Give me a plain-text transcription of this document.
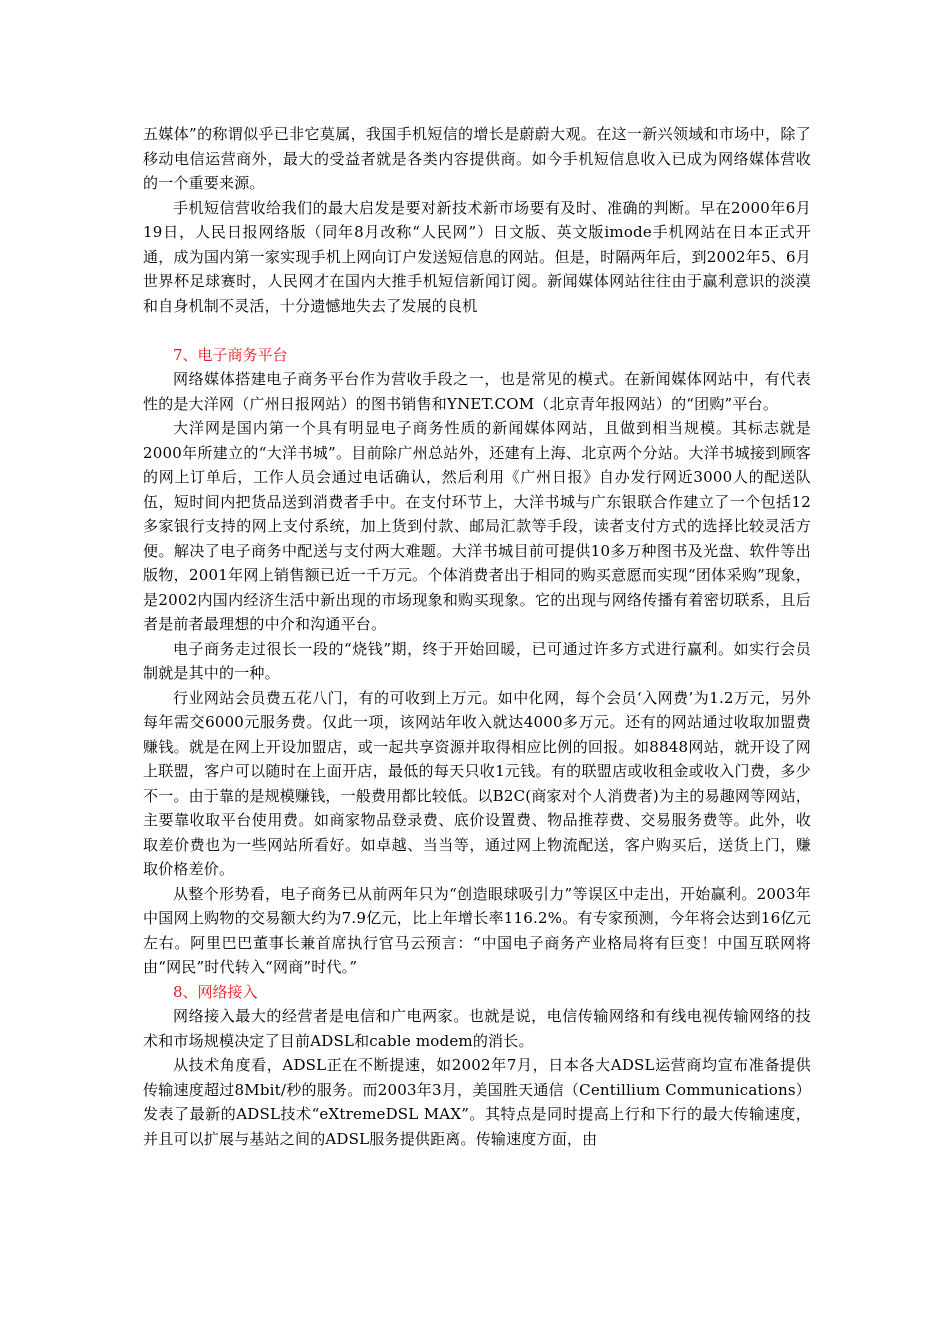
五媒体”的称谓似乎已非它莫属，我国手机短信的增长是蔚蔚大观。在这一新兴领域和市场中，除了移动电信运营商外，最大的受益者就是各类内容提供商。如今手机短信息收入已成为网络媒体营收的一个重要来源。

手机短信营收给我们的最大启发是要对新技术新市场要有及时、准确的判断。早在2000年6月19日，人民日报网络版（同年8月改称“人民网”）日文版、英文版imode手机网站在日本正式开通，成为国内第一家实现手机上网向订户发送短信息的网站。但是，时隔两年后，到2002年5、6月世界杯足球赛时，人民网才在国内大推手机短信新闻订阅。新闻媒体网站往往由于赢利意识的淡漠和自身机制不灵活，十分遗憾地失去了发展的良机

7、电子商务平台

网络媒体搭建电子商务平台作为营收手段之一，也是常见的模式。在新闻媒体网站中，有代表性的是大洋网（广州日报网站）的图书销售和YNET.COM（北京青年报网站）的“团购”平台。

大洋网是国内第一个具有明显电子商务性质的新闻媒体网站，且做到相当规模。其标志就是2000年所建立的“大洋书城”。目前除广州总站外，还建有上海、北京两个分站。大洋书城接到顾客的网上订单后，工作人员会通过电话确认，然后利用《广州日报》自办发行网近3000人的配送队伍，短时间内把货品送到消费者手中。在支付环节上，大洋书城与广东银联合作建立了一个包括12多家银行支持的网上支付系统，加上货到付款、邮局汇款等手段，读者支付方式的选择比较灵活方便。解决了电子商务中配送与支付两大难题。大洋书城目前可提供10多万种图书及光盘、软件等出版物，2001年网上销售额已近一千万元。个体消费者出于相同的购买意愿而实现“团体采购”现象，是2002内国内经济生活中新出现的市场现象和购买现象。它的出现与网络传播有着密切联系，且后者是前者最理想的中介和沟通平台。

电子商务走过很长一段的“烧钱”期，终于开始回暖，已可通过许多方式进行赢利。如实行会员制就是其中的一种。

行业网站会员费五花八门，有的可收到上万元。如中化网，每个会员‘入网费’为1.2万元，另外每年需交6000元服务费。仅此一项，该网站年收入就达4000多万元。还有的网站通过收取加盟费赚钱。就是在网上开设加盟店，或一起共享资源并取得相应比例的回报。如8848网站，就开设了网上联盟，客户可以随时在上面开店，最低的每天只收1元钱。有的联盟店或收租金或收入门费，多少不一。由于靠的是规模赚钱，一般费用都比较低。以B2C(商家对个人消费者)为主的易趣网等网站，主要靠收取平台使用费。如商家物品登录费、底价设置费、物品推荐费、交易服务费等。此外，收取差价费也为一些网站所看好。如卓越、当当等，通过网上物流配送，客户购买后，送货上门，赚取价格差价。

从整个形势看，电子商务已从前两年只为“创造眼球吸引力”等误区中走出，开始赢利。2003年中国网上购物的交易额大约为7.9亿元，比上年增长率116.2%。有专家预测，今年将会达到16亿元左右。阿里巴巴董事长兼首席执行官马云预言：“中国电子商务产业格局将有巨变！中国互联网将由“网民”时代转入“网商”时代。”

8、网络接入

网络接入最大的经营者是电信和广电两家。也就是说，电信传输网络和有线电视传输网络的技术和市场规模决定了目前ADSL和cable modem的消长。

从技术角度看，ADSL正在不断提速，如2002年7月，日本各大ADSL运营商均宣布准备提供传输速度超过8Mbit/秒的服务。而2003年3月，美国胜天通信（Centillium Communications）发表了最新的ADSL技术“eXtremeDSL MAX”。其特点是同时提高上行和下行的最大传输速度，并且可以扩展与基站之间的ADSL服务提供距离。传输速度方面，由
